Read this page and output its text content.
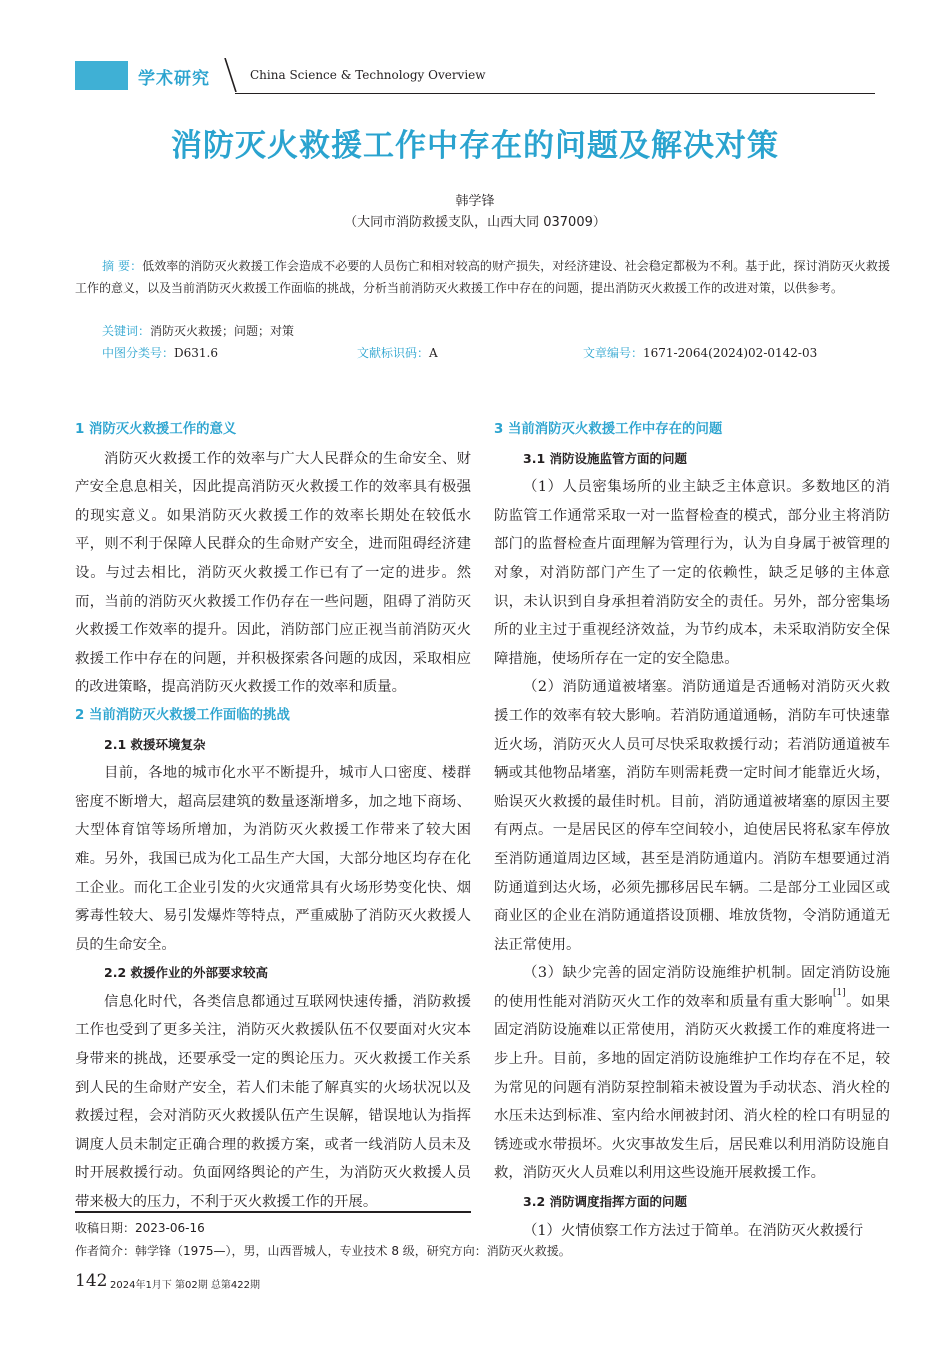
学术研究	China Science & Technology Overview
消防灭火救援工作中存在的问题及解决对策
韩学锋
（大同市消防救援支队，山西大同 037009）
摘 要：低效率的消防灭火救援工作会造成不必要的人员伤亡和相对较高的财产损失，对经济建设、社会稳定都极为不利。基于此，探讨消防灭火救援工作的意义，以及当前消防灭火救援工作面临的挑战，分析当前消防灭火救援工作中存在的问题，提出消防灭火救援工作的改进对策，以供参考。
关键词：消防灭火救援；问题；对策
中图分类号：D631.6	文献标识码：A	文章编号：1671-2064(2024)02-0142-03
1 消防灭火救援工作的意义

消防灭火救援工作的效率与广大人民群众的生命安全、财产安全息息相关，因此提高消防灭火救援工作的效率具有极强的现实意义。如果消防灭火救援工作的效率长期处在较低水平，则不利于保障人民群众的生命财产安全，进而阻碍经济建设。与过去相比，消防灭火救援工作已有了一定的进步。然而，当前的消防灭火救援工作仍存在一些问题，阻碍了消防灭火救援工作效率的提升。因此，消防部门应正视当前消防灭火救援工作中存在的问题，并积极探索各问题的成因，采取相应的改进策略，提高消防灭火救援工作的效率和质量。

2 当前消防灭火救援工作面临的挑战
2.1 救援环境复杂

目前，各地的城市化水平不断提升，城市人口密度、楼群密度不断增大，超高层建筑的数量逐渐增多，加之地下商场、大型体育馆等场所增加，为消防灭火救援工作带来了较大困难。另外，我国已成为化工品生产大国，大部分地区均存在化工企业。而化工企业引发的火灾通常具有火场形势变化快、烟雾毒性较大、易引发爆炸等特点，严重威胁了消防灭火救援人员的生命安全。

2.2 救援作业的外部要求较高

信息化时代，各类信息都通过互联网快速传播，消防救援工作也受到了更多关注，消防灭火救援队伍不仅要面对火灾本身带来的挑战，还要承受一定的舆论压力。灭火救援工作关系到人民的生命财产安全，若人们未能了解真实的火场状况以及救援过程，会对消防灭火救援队伍产生误解，错误地认为指挥调度人员未制定正确合理的救援方案，或者一线消防人员未及时开展救援行动。负面网络舆论的产生，为消防灭火救援人员带来极大的压力，不利于灭火救援工作的开展。

3 当前消防灭火救援工作中存在的问题
3.1 消防设施监管方面的问题

（1）人员密集场所的业主缺乏主体意识。多数地区的消防监管工作通常采取一对一监督检查的模式，部分业主将消防部门的监督检查片面理解为管理行为，认为自身属于被管理的对象，对消防部门产生了一定的依赖性，缺乏足够的主体意识，未认识到自身承担着消防安全的责任。另外，部分密集场所的业主过于重视经济效益，为节约成本，未采取消防安全保障措施，使场所存在一定的安全隐患。

（2）消防通道被堵塞。消防通道是否通畅对消防灭火救援工作的效率有较大影响。若消防通道通畅，消防车可快速靠近火场，消防灭火人员可尽快采取救援行动；若消防通道被车辆或其他物品堵塞，消防车则需耗费一定时间才能靠近火场，贻误灭火救援的最佳时机。目前，消防通道被堵塞的原因主要有两点。一是居民区的停车空间较小，迫使居民将私家车停放至消防通道周边区域，甚至是消防通道内。消防车想要通过消防通道到达火场，必须先挪移居民车辆。二是部分工业园区或商业区的企业在消防通道搭设顶棚、堆放货物，令消防通道无法正常使用。

（3）缺少完善的固定消防设施维护机制。固定消防设施的使用性能对消防灭火工作的效率和质量有重大影响[1]。如果固定消防设施难以正常使用，消防灭火救援工作的难度将进一步上升。目前，多地的固定消防设施维护工作均存在不足，较为常见的问题有消防泵控制箱未被设置为手动状态、消火栓的水压未达到标准、室内给水闸被封闭、消火栓的栓口有明显的锈迹或水带损坏。火灾事故发生后，居民难以利用消防设施自救，消防灭火人员难以利用这些设施开展救援工作。

3.2 消防调度指挥方面的问题

（1）火情侦察工作方法过于简单。在消防灭火救援行

收稿日期：2023-06-16
作者简介：韩学锋（1975—），男，山西晋城人，专业技术 8 级，研究方向：消防灭火救援。
142 2024年1月下 第02期 总第422期
